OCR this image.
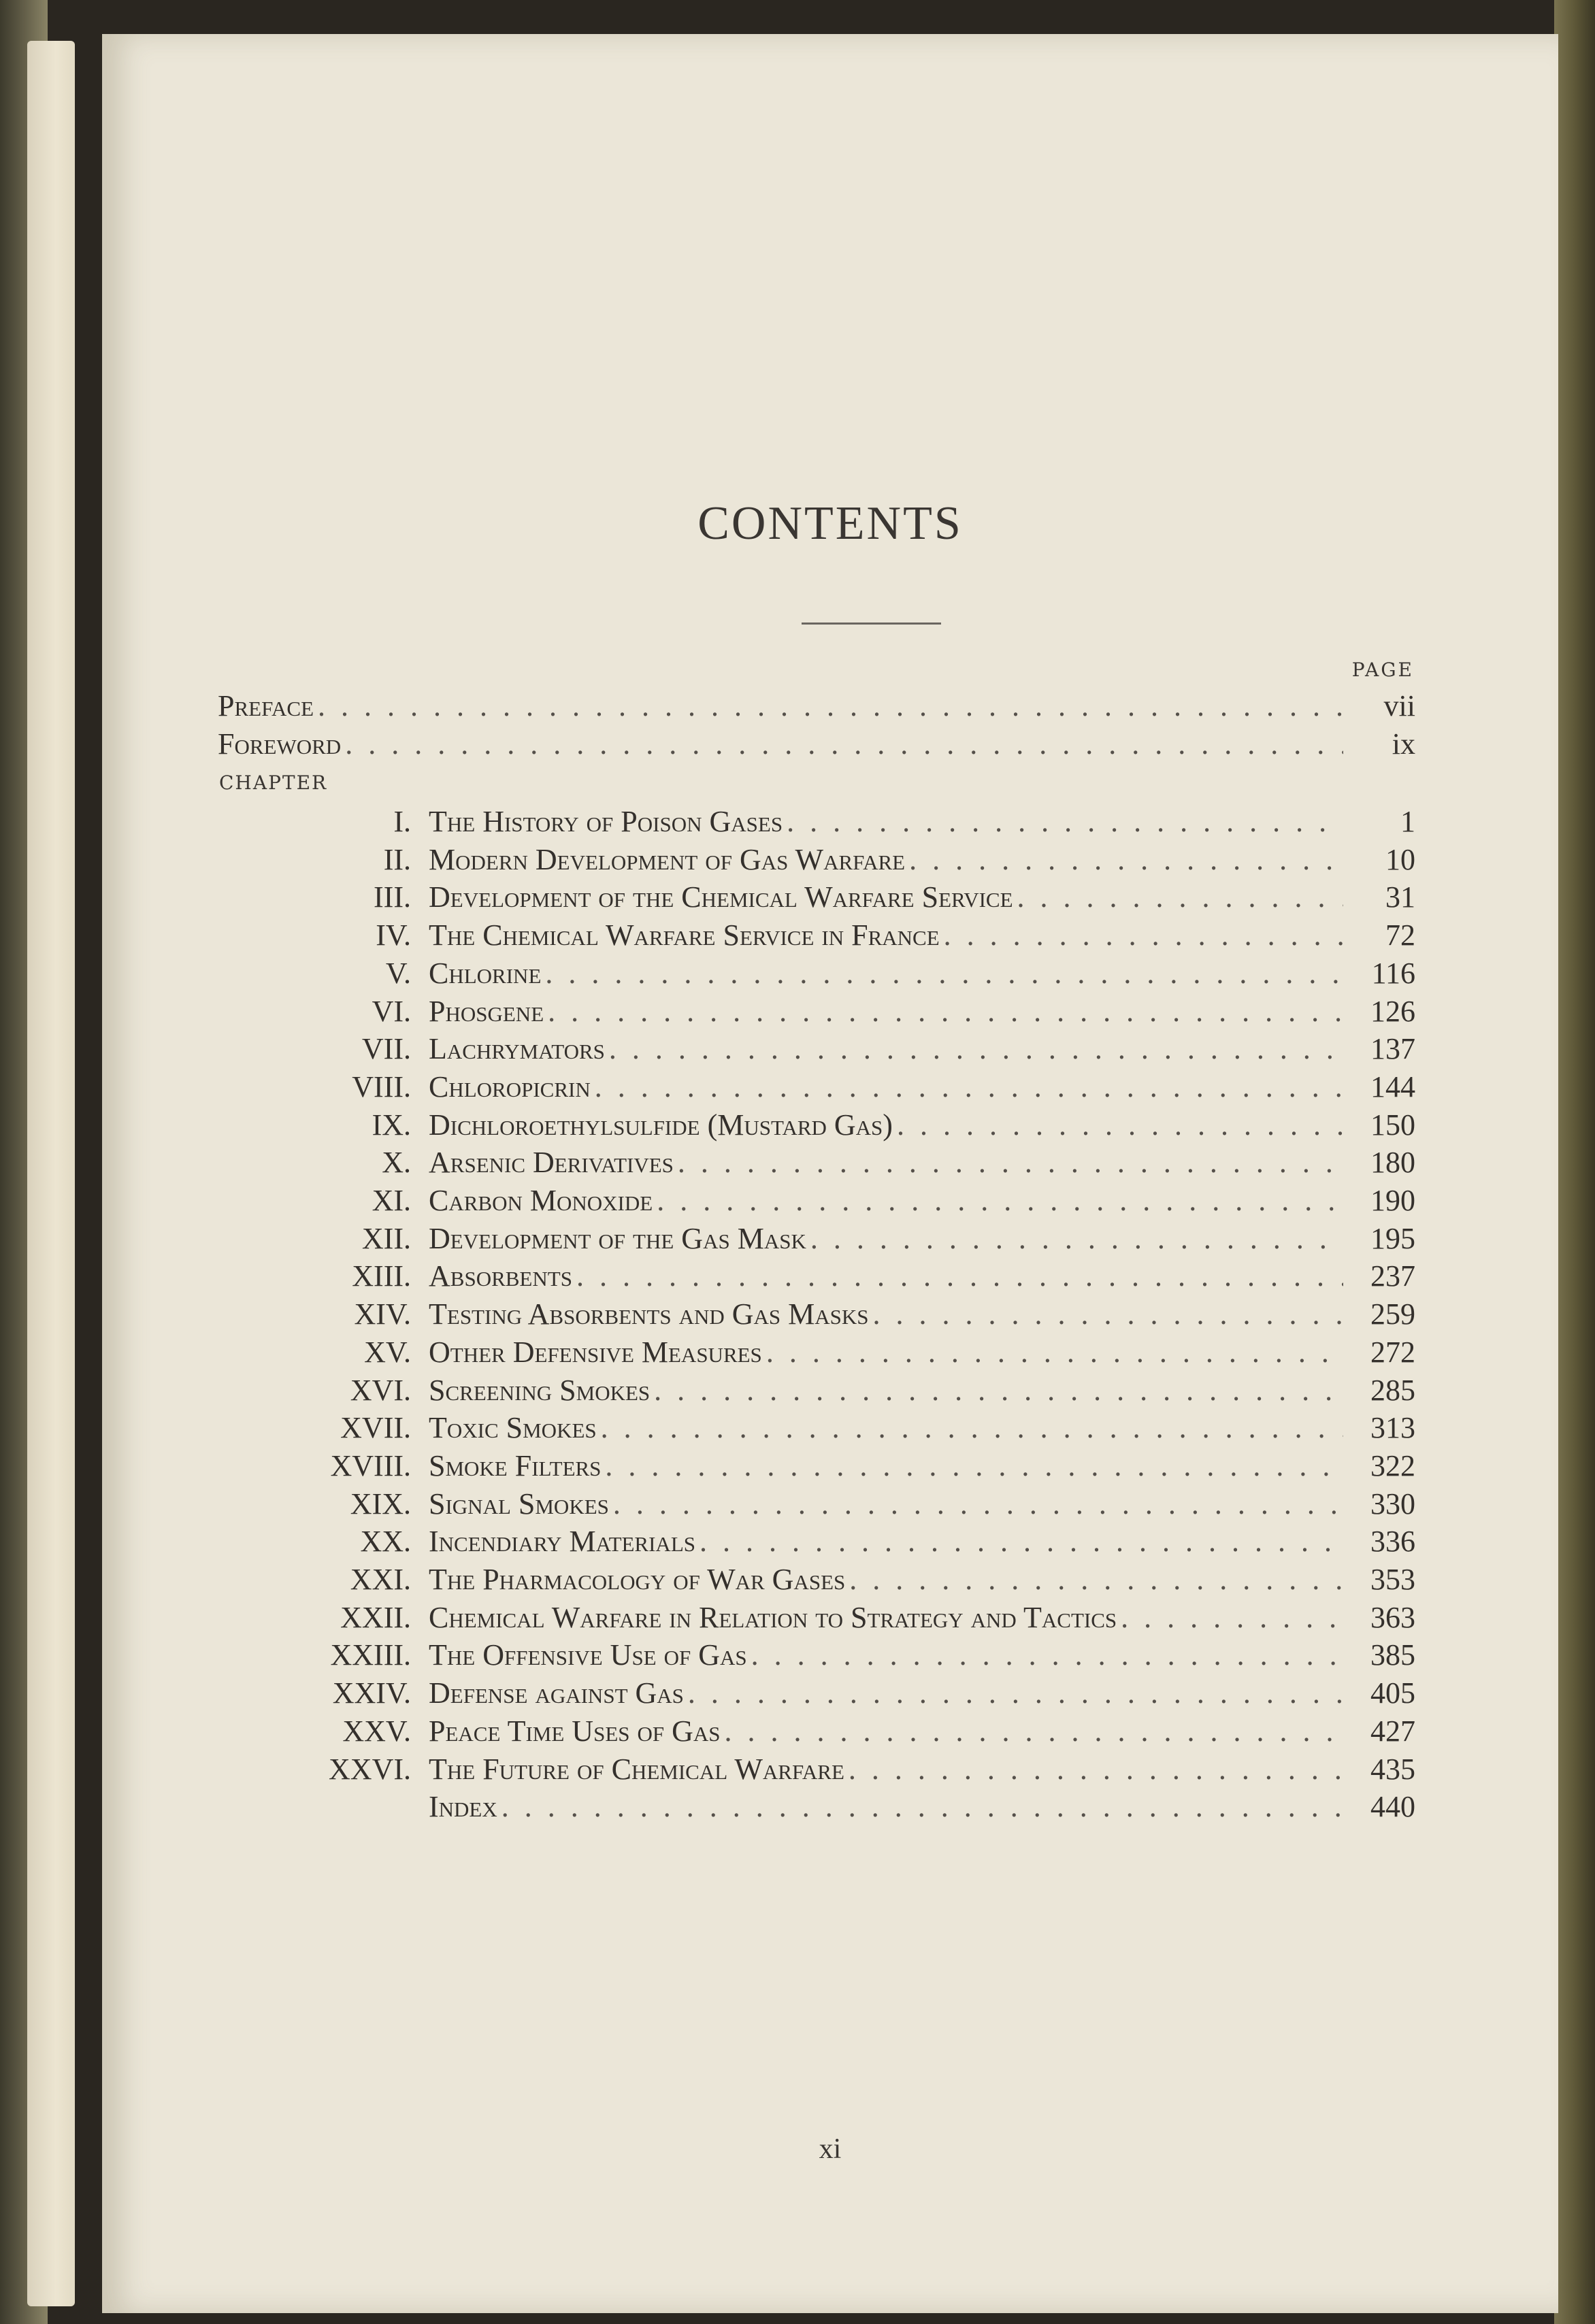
CONTENTS
PAGE
Preface . . .	vii
Foreword . . .	ix
CHAPTER
I. The History of Poison Gases . . .	1
II. Modern Development of Gas Warfare . . .	10
III. Development of the Chemical Warfare Service . . .	31
IV. The Chemical Warfare Service in France . . .	72
V. Chlorine . . .	116
VI. Phosgene . . .	126
VII. Lachrymators . . .	137
VIII. Chloropicrin . . .	144
IX. Dichloroethylsulfide (Mustard Gas) . . .	150
X. Arsenic Derivatives . . .	180
XI. Carbon Monoxide . . .	190
XII. Development of the Gas Mask . . .	195
XIII. Absorbents . . .	237
XIV. Testing Absorbents and Gas Masks . . .	259
XV. Other Defensive Measures . . .	272
XVI. Screening Smokes . . .	285
XVII. Toxic Smokes . . .	313
XVIII. Smoke Filters . . .	322
XIX. Signal Smokes . . .	330
XX. Incendiary Materials . . .	336
XXI. The Pharmacology of War Gases . . .	353
XXII. Chemical Warfare in Relation to Strategy and Tactics . . .	363
XXIII. The Offensive Use of Gas . . .	385
XXIV. Defense against Gas . . .	405
XXV. Peace Time Uses of Gas . . .	427
XXVI. The Future of Chemical Warfare . . .	435
Index . . .	440
xi
